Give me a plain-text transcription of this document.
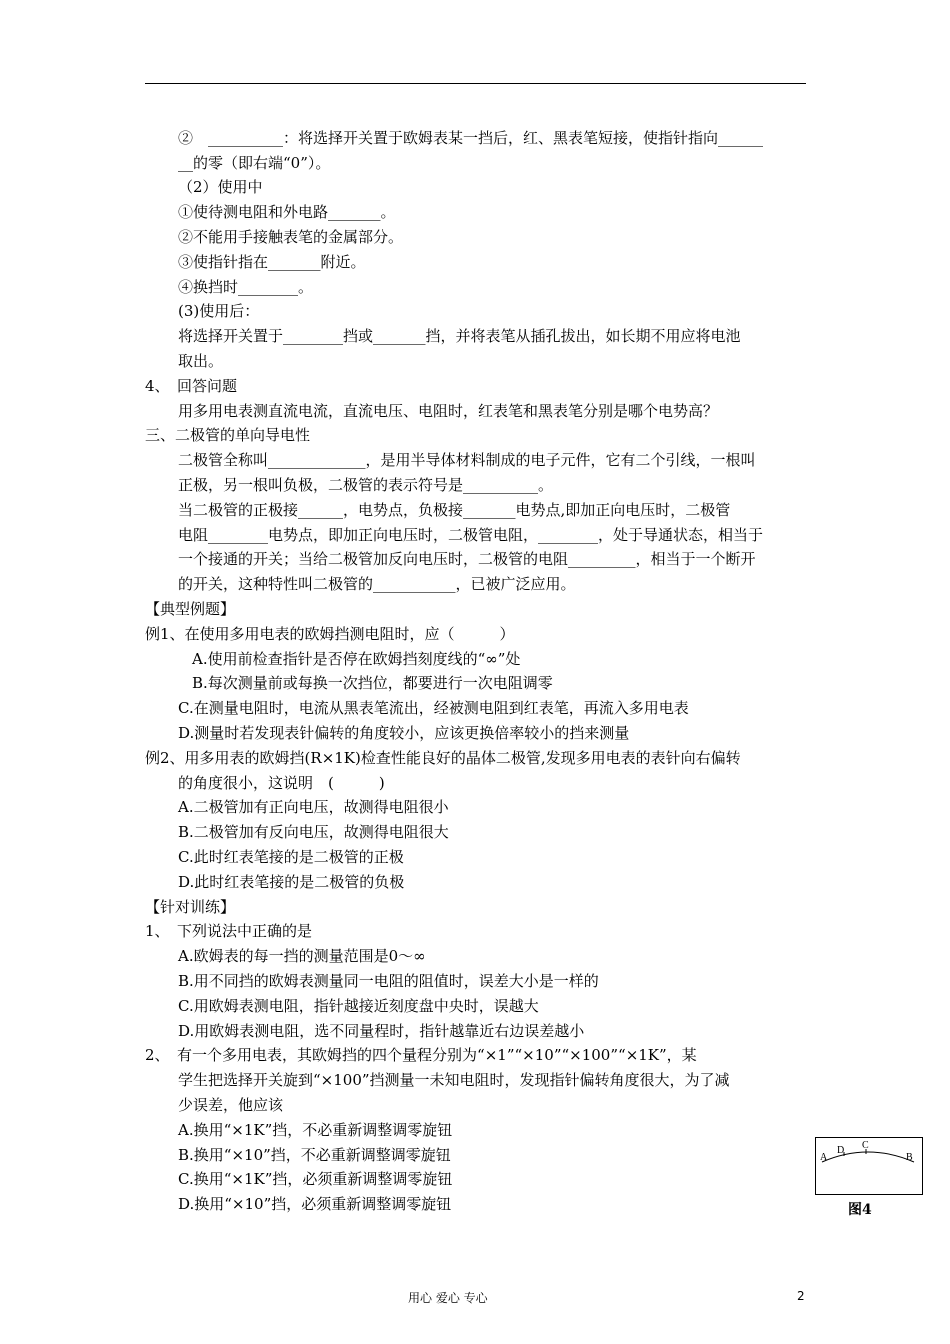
②　__________：将选择开关置于欧姆表某一挡后，红、黑表笔短接，使指针指向______
__的零（即右端“0”）。
（2）使用中
①使待测电阻和外电路_______。
②不能用手接触表笔的金属部分。
③使指针指在_______附近。
④换挡时________。
(3)使用后：
将选择开关置于________挡或_______挡，并将表笔从插孔拔出，如长期不用应将电池
取出。
4、　回答问题
用多用电表测直流电流，直流电压、电阻时，红表笔和黑表笔分别是哪个电势高？
三、二极管的单向导电性
二极管全称叫_____________，是用半导体材料制成的电子元件，它有二个引线，一根叫
正极，另一根叫负极，二极管的表示符号是__________。
当二极管的正极接______，电势点，负极接_______电势点,即加正向电压时，二极管
电阻________电势点，即加正向电压时，二极管电阻，________，处于导通状态，相当于
一个接通的开关；当给二极管加反向电压时，二极管的电阻_________，相当于一个断开
的开关，这种特性叫二极管的___________，已被广泛应用。
【典型例题】
例1、在使用多用电表的欧姆挡测电阻时，应（　　　）
A.使用前检查指针是否停在欧姆挡刻度线的“∞”处
B.每次测量前或每换一次挡位，都要进行一次电阻调零
C.在测量电阻时，电流从黑表笔流出，经被测电阻到红表笔，再流入多用电表
D.测量时若发现表针偏转的角度较小，应该更换倍率较小的挡来测量
例2、用多用表的欧姆挡(R×1K)检查性能良好的晶体二极管,发现多用电表的表针向右偏转
的角度很小，这说明　(　　　)
A.二极管加有正向电压，故测得电阻很小
B.二极管加有反向电压，故测得电阻很大
C.此时红表笔接的是二极管的正极
D.此时红表笔接的是二极管的负极
【针对训练】
1、　下列说法中正确的是
A.欧姆表的每一挡的测量范围是0～∞
B.用不同挡的欧姆表测量同一电阻的阻值时，误差大小是一样的
C.用欧姆表测电阻，指针越接近刻度盘中央时，误越大
D.用欧姆表测电阻，选不同量程时，指针越靠近右边误差越小
2、　有一个多用电表，其欧姆挡的四个量程分别为“×1”“×10”“×100”“×1K”，某
学生把选择开关旋到“×100”挡测量一未知电阻时，发现指针偏转角度很大，为了减
少误差，他应该
A.换用“×1K”挡，不必重新调整调零旋钮
B.换用“×10”挡，不必重新调整调零旋钮
C.换用“×1K”挡，必须重新调整调零旋钮
D.换用“×10”挡，必须重新调整调零旋钮
A
D C
B
图4
用心 爱心 专心	2
